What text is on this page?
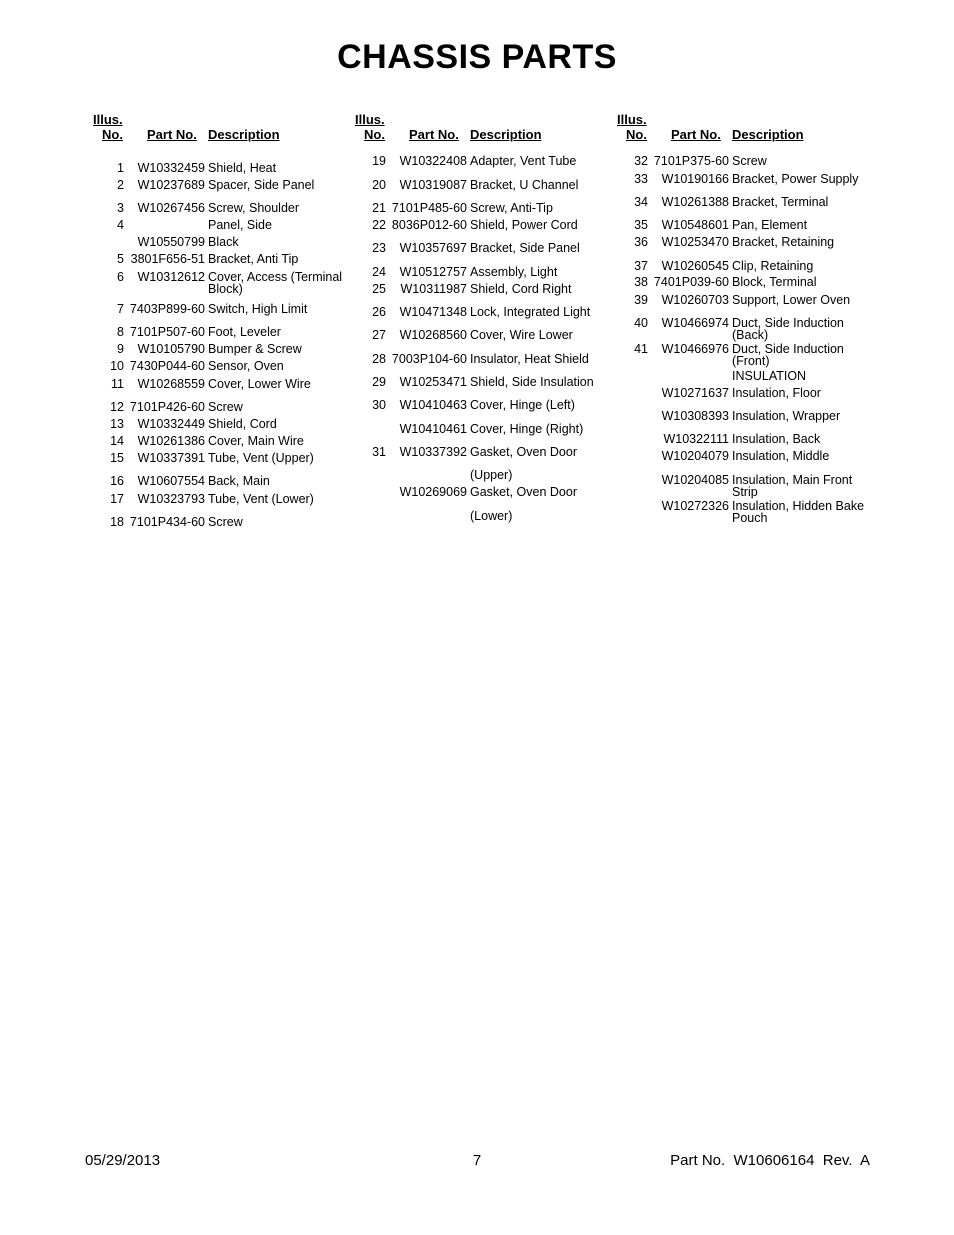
CHASSIS PARTS
Illus.
No. Part No. Description
1	W10332459 Shield, Heat
2	W10237689 Spacer, Side Panel
3	W10267456 Screw, Shoulder
4	Panel, Side
W10550799 Black
5 3801F656-51 Bracket, Anti Tip
6	W10312612 Cover, Access (Terminal Block)
7 7403P899-60 Switch, High Limit
8 7101P507-60 Foot, Leveler
9	W10105790 Bumper & Screw
10 7430P044-60 Sensor, Oven
11	W10268559 Cover, Lower Wire
12 7101P426-60 Screw
13	W10332449 Shield, Cord
14	W10261386 Cover, Main Wire
15	W10337391 Tube, Vent (Upper)
16	W10607554 Back, Main
17	W10323793 Tube, Vent (Lower)
18 7101P434-60 Screw
Illus.
No. Part No. Description
19	W10322408 Adapter, Vent Tube
20	W10319087 Bracket, U Channel
21 7101P485-60 Screw, Anti-Tip
22 8036P012-60 Shield, Power Cord
23	W10357697 Bracket, Side Panel
24	W10512757 Assembly, Light
25	W10311987 Shield, Cord Right
26	W10471348 Lock, Integrated Light
27	W10268560 Cover, Wire Lower
28 7003P104-60 Insulator, Heat Shield
29	W10253471 Shield, Side Insulation
30	W10410463 Cover, Hinge (Left)
W10410461 Cover, Hinge (Right)
31	W10337392 Gasket, Oven Door
(Upper)
W10269069 Gasket, Oven Door
(Lower)
Illus.
No. Part No. Description
32 7101P375-60 Screw
33	W10190166 Bracket, Power Supply
34	W10261388 Bracket, Terminal
35	W10548601 Pan, Element
36	W10253470 Bracket, Retaining
37	W10260545 Clip, Retaining
38 7401P039-60 Block, Terminal
39	W10260703 Support, Lower Oven
40	W10466974 Duct, Side Induction (Back)
41	W10466976 Duct, Side Induction (Front)
INSULATION
W10271637 Insulation, Floor
W10308393 Insulation, Wrapper
W10322111 Insulation, Back
W10204079 Insulation, Middle
W10204085 Insulation, Main Front Strip
W10272326 Insulation, Hidden Bake Pouch
05/29/2013	7	Part No.  W10606164  Rev.  A
